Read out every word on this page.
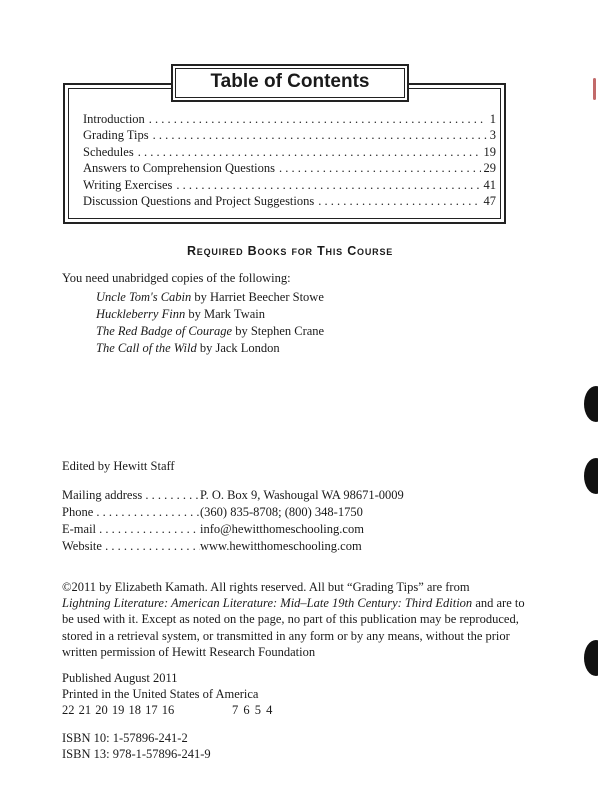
Table of Contents
Introduction . . .	1
Grading Tips . . .	3
Schedules . . .	19
Answers to Comprehension Questions . . .	29
Writing Exercises . . .	41
Discussion Questions and Project Suggestions . . .	47
Required Books for This Course
You need unabridged copies of the following:
Uncle Tom's Cabin by Harriet Beecher Stowe
Huckleberry Finn by Mark Twain
The Red Badge of Courage by Stephen Crane
The Call of the Wild by Jack London
Edited by Hewitt Staff
Mailing address . . .	P. O. Box 9, Washougal WA 98671-0009
Phone . . .	(360) 835-8708; (800) 348-1750
E-mail . . .	info@hewitthomeschooling.com
Website . . .	www.hewitthomeschooling.com

©2011 by Elizabeth Kamath. All rights reserved. All but “Grading Tips” are from

Lightning Literature: American Literature: Mid–Late 19th Century: Third Edition and are to

be used with it. Except as noted on the page, no part of this publication may be reproduced,

stored in a retrieval system, or transmitted in any form or by any means, without the prior

written permission of Hewitt Research Foundation

Published August 2011
Printed in the United States of America
22 21 20 19 18 17 16	7 6 5 4
ISBN 10: 1-57896-241-2
ISBN 13: 978-1-57896-241-9
